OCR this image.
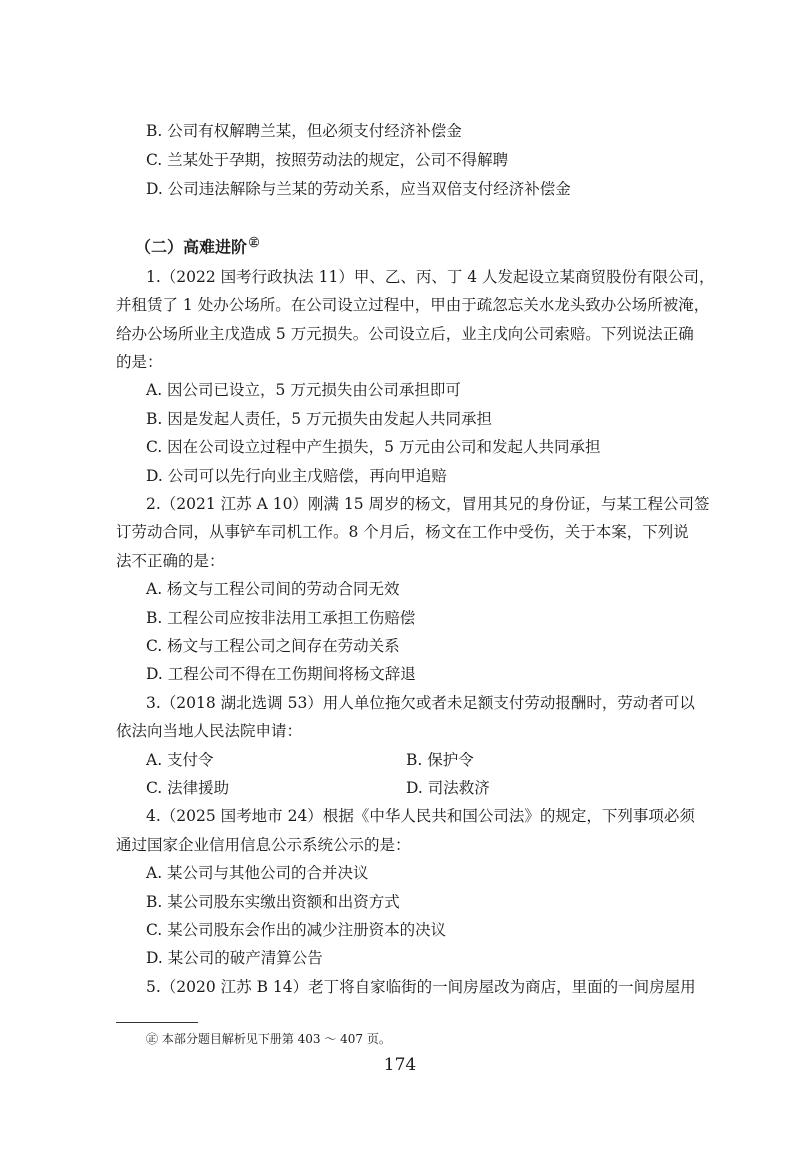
B. 公司有权解聘兰某，但必须支付经济补偿金
C. 兰某处于孕期，按照劳动法的规定，公司不得解聘
D. 公司违法解除与兰某的劳动关系，应当双倍支付经济补偿金
（二）高难进阶 ㊣
1.（2022 国考行政执法 11）甲、乙、丙、丁 4 人发起设立某商贸股份有限公司，
并租赁了 1 处办公场所。在公司设立过程中，甲由于疏忽忘关水龙头致办公场所被淹，
给办公场所业主戊造成 5 万元损失。公司设立后，业主戊向公司索赔。下列说法正确
的是：
A. 因公司已设立，5 万元损失由公司承担即可
B. 因是发起人责任，5 万元损失由发起人共同承担
C. 因在公司设立过程中产生损失，5 万元由公司和发起人共同承担
D. 公司可以先行向业主戊赔偿，再向甲追赔
2.（2021 江苏 A 10）刚满 15 周岁的杨文，冒用其兄的身份证，与某工程公司签
订劳动合同，从事铲车司机工作。8 个月后，杨文在工作中受伤，关于本案，下列说
法不正确的是：
A. 杨文与工程公司间的劳动合同无效
B. 工程公司应按非法用工承担工伤赔偿
C. 杨文与工程公司之间存在劳动关系
D. 工程公司不得在工伤期间将杨文辞退
3.（2018 湖北选调 53）用人单位拖欠或者未足额支付劳动报酬时，劳动者可以
依法向当地人民法院申请：
A. 支付令	B. 保护令
C. 法律援助	D. 司法救济
4.（2025 国考地市 24）根据《中华人民共和国公司法》的规定，下列事项必须
通过国家企业信用信息公示系统公示的是：
A. 某公司与其他公司的合并决议
B. 某公司股东实缴出资额和出资方式
C. 某公司股东会作出的减少注册资本的决议
D. 某公司的破产清算公告
5.（2020 江苏 B 14）老丁将自家临街的一间房屋改为商店，里面的一间房屋用
㊣ 本部分题目解析见下册第 403 ～ 407 页。
174
